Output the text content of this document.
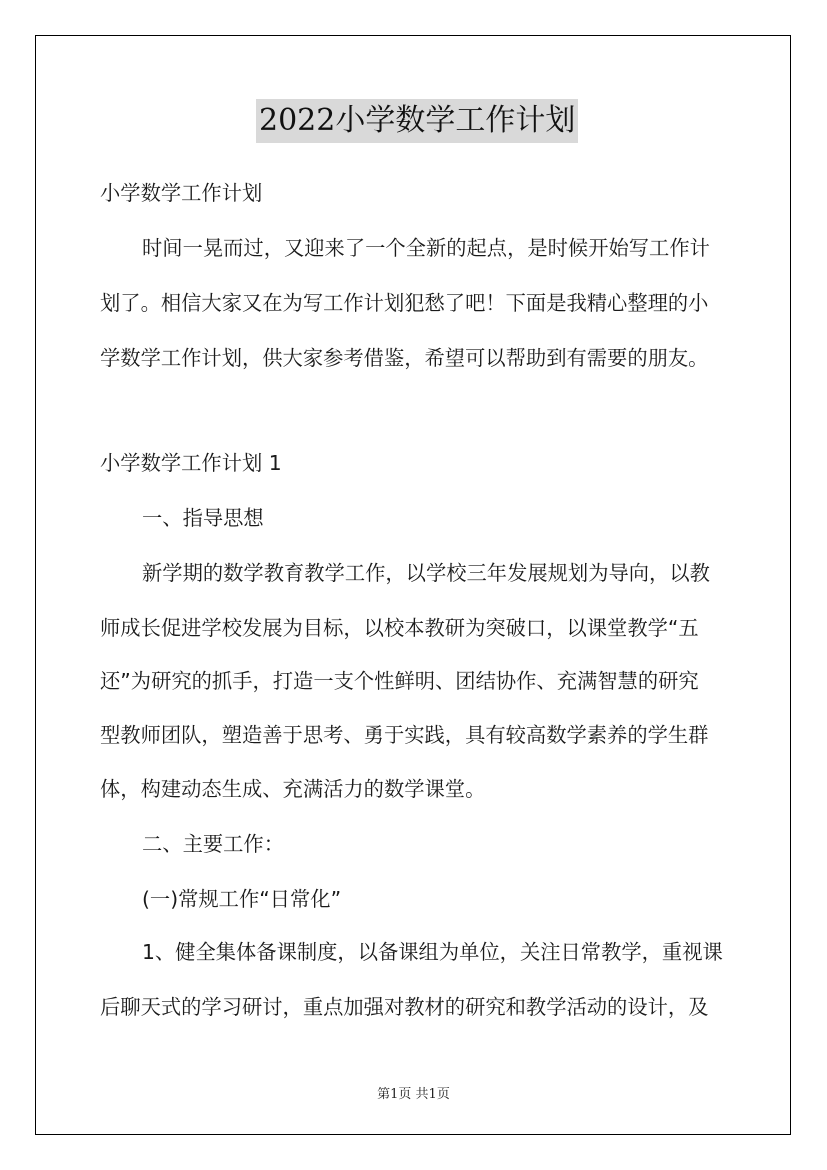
2022小学数学工作计划
小学数学工作计划
时间一晃而过，又迎来了一个全新的起点，是时候开始写工作计
划了。相信大家又在为写工作计划犯愁了吧！下面是我精心整理的小
学数学工作计划，供大家参考借鉴，希望可以帮助到有需要的朋友。
小学数学工作计划 1
一、指导思想
新学期的数学教育教学工作，以学校三年发展规划为导向，以教
师成长促进学校发展为目标，以校本教研为突破口，以课堂教学“五
还”为研究的抓手，打造一支个性鲜明、团结协作、充满智慧的研究
型教师团队，塑造善于思考、勇于实践，具有较高数学素养的学生群
体，构建动态生成、充满活力的数学课堂。
二、主要工作：
(一)常规工作“日常化”
1、健全集体备课制度，以备课组为单位，关注日常教学，重视课
后聊天式的学习研讨，重点加强对教材的研究和教学活动的设计，及
第1页 共1页
